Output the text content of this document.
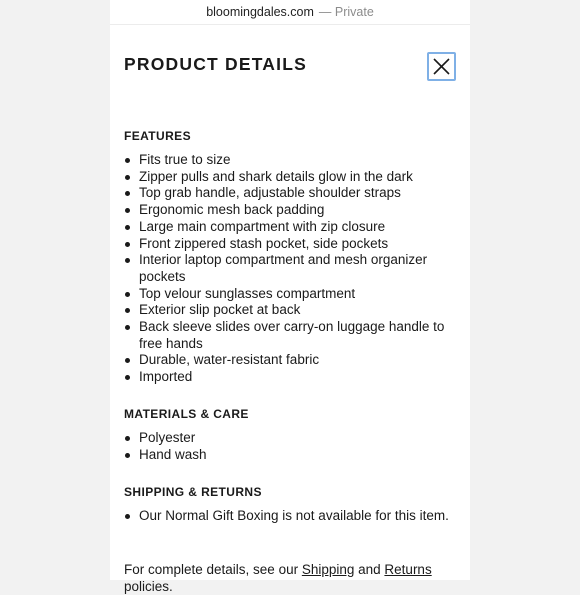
bloomingdales.com — Private
PRODUCT DETAILS
FEATURES
Fits true to size
Zipper pulls and shark details glow in the dark
Top grab handle, adjustable shoulder straps
Ergonomic mesh back padding
Large main compartment with zip closure
Front zippered stash pocket, side pockets
Interior laptop compartment and mesh organizer pockets
Top velour sunglasses compartment
Exterior slip pocket at back
Back sleeve slides over carry-on luggage handle to free hands
Durable, water-resistant fabric
Imported
MATERIALS & CARE
Polyester
Hand wash
SHIPPING & RETURNS
Our Normal Gift Boxing is not available for this item.

For complete details, see our Shipping and Returns policies.
